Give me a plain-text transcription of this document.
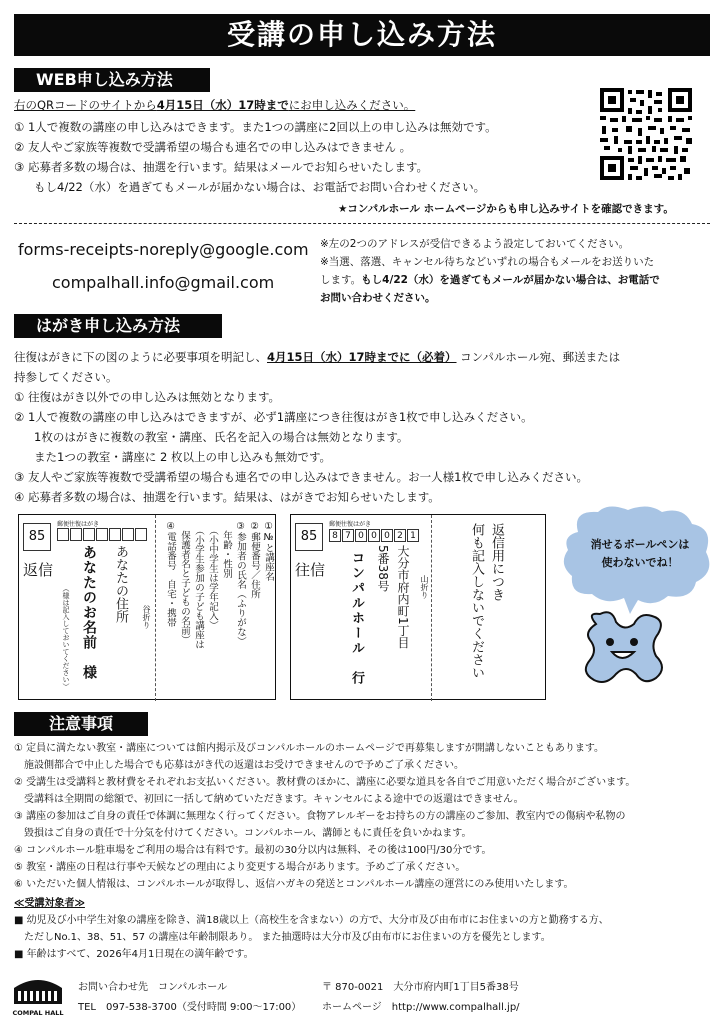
受講の申し込み方法
WEB申し込み方法
右のQRコードのサイトから4月15日（水）17時までにお申し込みください。
① 1人で複数の講座の申し込みはできます。また1つの講座に2回以上の申し込みは無効です。
② 友人やご家族等複数で受講希望の場合も連名での申し込みはできません 。
③ 応募者多数の場合は、抽選を行います。結果はメールでお知らせいたします。
もし4/22（水）を過ぎてもメールが届かない場合は、お電話でお問い合わせください。
★コンパルホール ホームページからも申し込みサイトを確認できます。
forms-receipts-noreply@google.com
compalhall.info@gmail.com
※左の2つのアドレスが受信できるよう設定しておいてください。
※当選、落選、キャンセル待ちなどいずれの場合もメールをお送りいた
します。もし4/22（水）を過ぎてもメールが届かない場合は、お電話で
お問い合わせください。
はがき申し込み方法
往復はがきに下の図のように必要事項を明記し、4月15日（水）17時までに（必着） コンパルホール宛、郵送または
持参してください。
① 往復はがき以外での申し込みは無効となります。
② 1人で複数の講座の申し込みはできますが、必ず1講座につき往復はがき1枚で申し込みください。
1枚のはがきに複数の教室・講座、氏名を記入の場合は無効となります。
また1つの教室・講座に 2 枚以上の申し込みも無効です。
③ 友人やご家族等複数で受講希望の場合も連名での申し込みはできません。お一人様1枚で申し込みください。
④ 応募者多数の場合は、抽選を行います。結果は、はがきでお知らせいたします。
85
郵便往復はがき
返信
（様は記入しておいてください） あなたのお名前　様 あなたの住所 谷折り
①№と講座名
②郵便番号／住所
③参加者の氏名（ふりがな）
　年齢・性別
　（小中学生は学年記入）
　（小学生参加の子ども講座は
　保護者名と子どもの名前）
④電話番号　自宅・携帯	85
郵便往復はがき
8 7 0 0 0 2 1
往信	大分市府内町1丁目
5番38号
コンパルホール　行	山折り	返信用につき
何も記入しないでください	消せるボールペンは
使わないでね！
注意事項
① 定員に満たない教室・講座については館内掲示及びコンパルホールのホームページで再募集しますが開講しないこともあります。
　施設側都合で中止した場合でも応募はがき代の返還はお受けできませんので予めご了承ください。
② 受講生は受講料と教材費をそれぞれお支払いください。教材費のほかに、講座に必要な道具を各自でご用意いただく場合がございます。
　受講料は全期間の総額で、初回に一括して納めていただきます。キャンセルによる途中での返還はできません。
③ 講座の参加はご自身の責任で体調に無理なく行ってください。食物アレルギーをお持ちの方の講座のご参加、教室内での傷病や私物の
　毀損はご自身の責任で十分気を付けてください。コンパルホール、講師ともに責任を負いかねます。
④ コンパルホール駐車場をご利用の場合は有料です。最初の30分以内は無料、その後は100円/30分です。
⑤ 教室・講座の日程は行事や天候などの理由により変更する場合があります。予めご了承ください。
⑥ いただいた個人情報は、コンパルホールが取得し、返信ハガキの発送とコンパルホール講座の運営にのみ使用いたします。
≪受講対象者≫
■ 幼児及び小中学生対象の講座を除き、満18歳以上（高校生を含まない）の方で、大分市及び由布市にお住まいの方と勤務する方、
　ただしNo.1、38、51、57 の講座は年齢制限あり。 また抽選時は大分市及び由布市にお住まいの方を優先とします。
■ 年齢はすべて、2026年4月1日現在の満年齢です。
COMPAL HALL
お問い合わせ先　コンパルホール
TEL　097-538-3700（受付時間 9:00～17:00）
〒 870-0021　大分市府内町1丁目5番38号
ホームページ　http://www.compalhall.jp/
